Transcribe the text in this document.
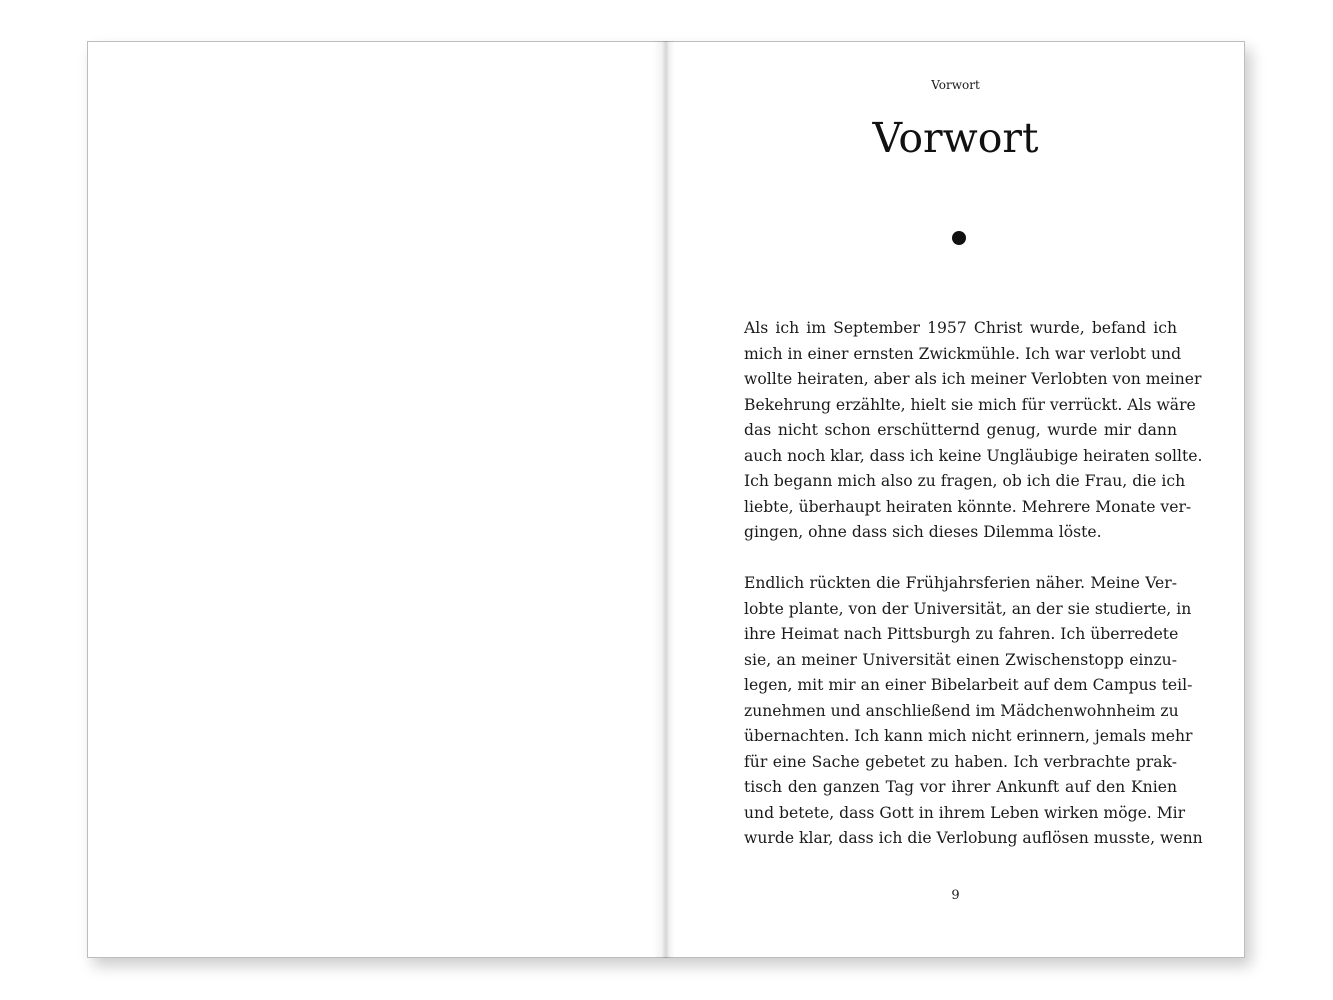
Vorwort
Vorwort
Als ich im September 1957 Christ wurde, befand ich
mich in einer ernsten Zwickmühle. Ich war verlobt und
wollte heiraten, aber als ich meiner Verlobten von meiner
Bekehrung erzählte, hielt sie mich für verrückt. Als wäre
das nicht schon erschütternd genug, wurde mir dann
auch noch klar, dass ich keine Ungläubige heiraten sollte.
Ich begann mich also zu fragen, ob ich die Frau, die ich
liebte, überhaupt heiraten könnte. Mehrere Monate ver-
gingen, ohne dass sich dieses Dilemma löste.
Endlich rückten die Frühjahrsferien näher. Meine Ver-
lobte plante, von der Universität, an der sie studierte, in
ihre Heimat nach Pittsburgh zu fahren. Ich überredete
sie, an meiner Universität einen Zwischenstopp einzu-
legen, mit mir an einer Bibelarbeit auf dem Campus teil-
zunehmen und anschließend im Mädchenwohnheim zu
übernachten. Ich kann mich nicht erinnern, jemals mehr
für eine Sache gebetet zu haben. Ich verbrachte prak-
tisch den ganzen Tag vor ihrer Ankunft auf den Knien
und betete, dass Gott in ihrem Leben wirken möge. Mir
wurde klar, dass ich die Verlobung auflösen musste, wenn
9
